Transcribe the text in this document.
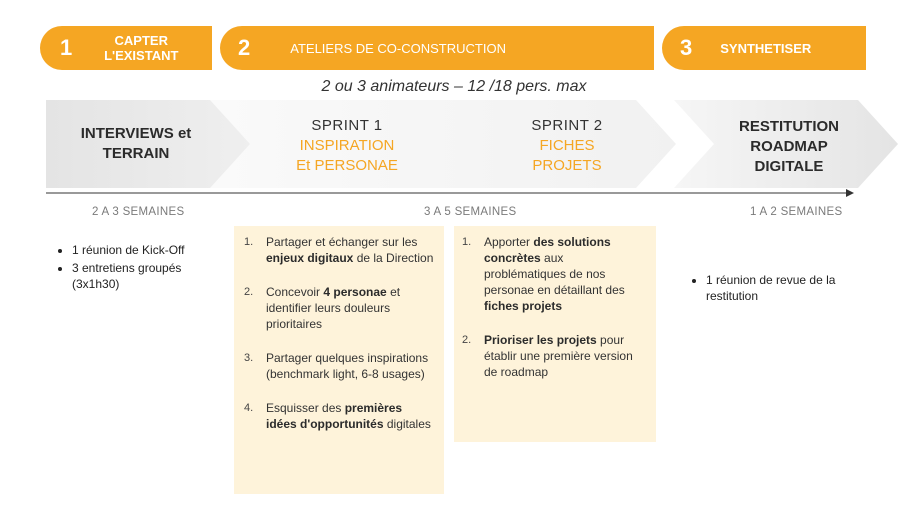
1	CAPTER
L'EXISTANT	2	ATELIERS DE CO-CONSTRUCTION	3 SYNTHETISER
2 ou 3 animateurs – 12 /18 pers. max
INTERVIEWS et
TERRAIN
SPRINT 1
INSPIRATION
Et PERSONAE
SPRINT 2
FICHES
PROJETS
RESTITUTION
ROADMAP
DIGITALE
2 A 3 SEMAINES	3 A 5 SEMAINES	1 A 2 SEMAINES
• 1 réunion de Kick-Off
• 3 entretiens groupés (3x1h30)
1.	Partager et échanger sur les enjeux digitaux de la Direction
2.	Concevoir 4 personae et identifier leurs douleurs prioritaires
3.	Partager quelques inspirations (benchmark light, 6-8 usages)
4.	Esquisser des premières idées d'opportunités digitales
1.	Apporter des solutions concrètes aux problématiques de nos personae en détaillant des fiches projets
2.	Prioriser les projets pour établir une première version de roadmap
• 1 réunion de revue de la restitution
